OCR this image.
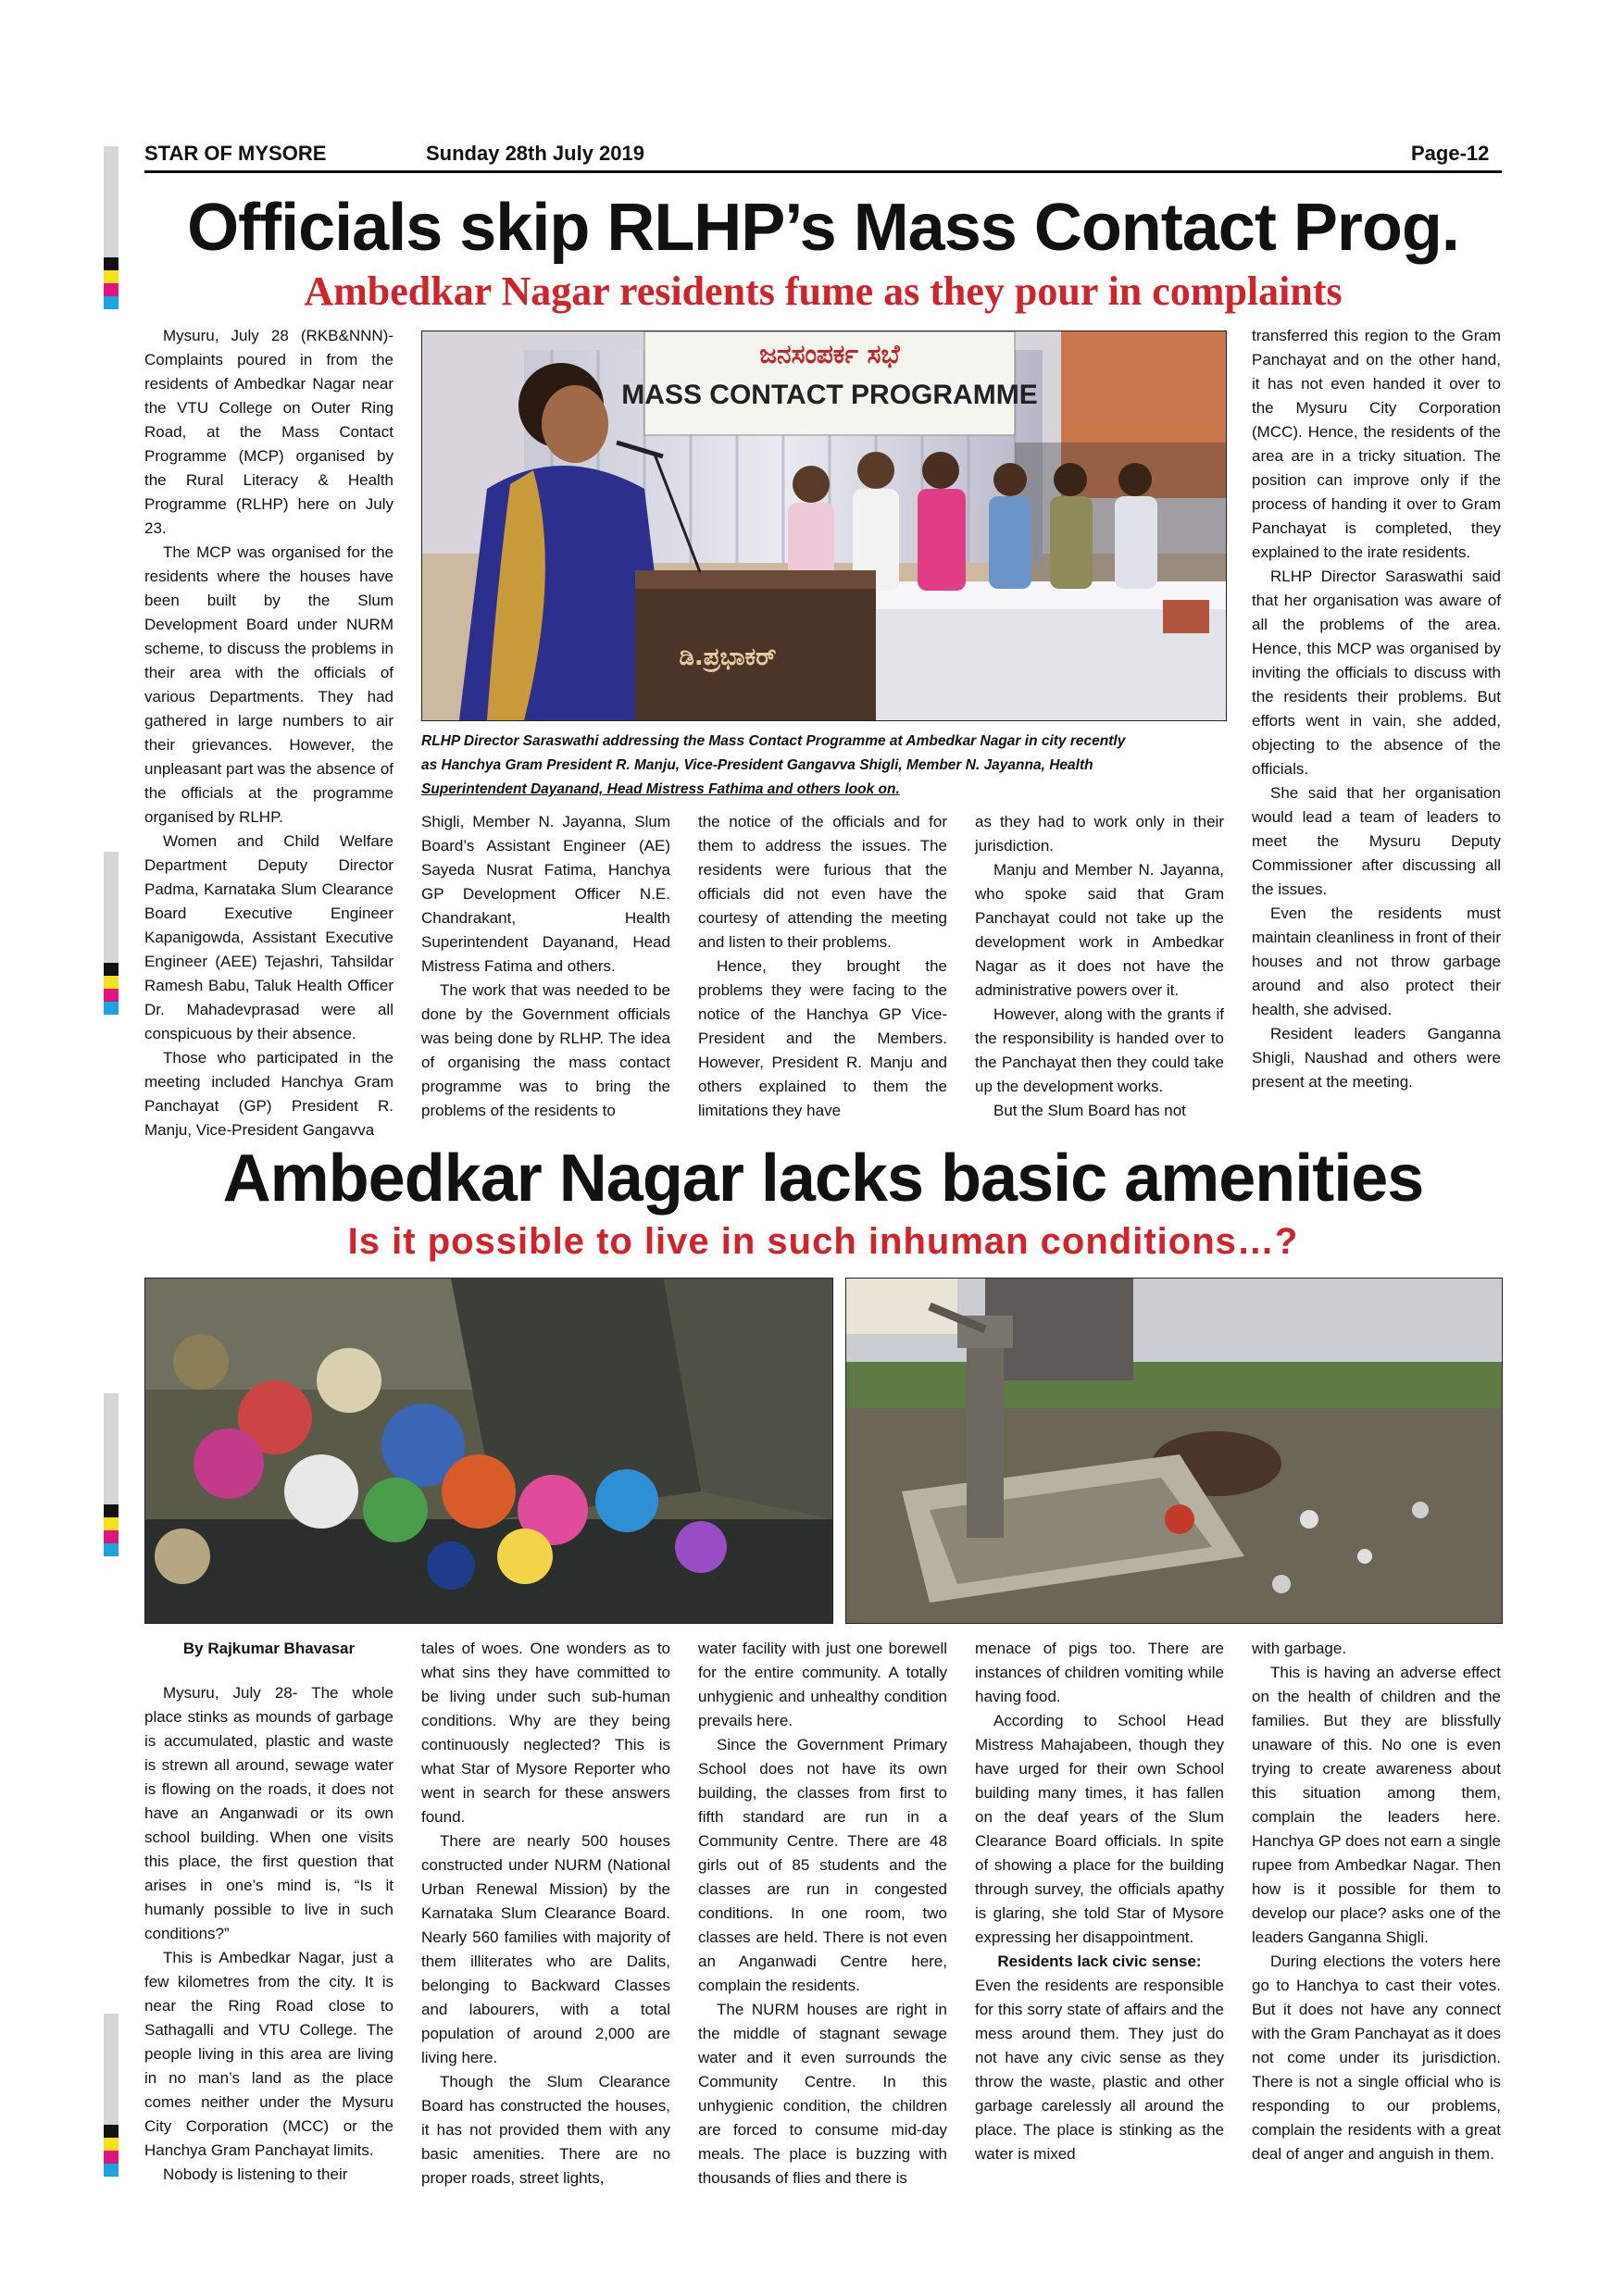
STAR OF MYSORE	Sunday 28th July 2019	Page-12
Officials skip RLHP’s Mass Contact Prog.
Ambedkar Nagar residents fume as they pour in complaints

Mysuru, July 28 (RKB&NNN)- Complaints poured in from the residents of Ambedkar Nagar near the VTU College on Outer Ring Road, at the Mass Contact Programme (MCP) organised by the Rural Literacy & Health Programme (RLHP) here on July 23.

The MCP was organised for the residents where the houses have been built by the Slum Development Board under NURM scheme, to discuss the problems in their area with the officials of various Departments. They had gathered in large numbers to air their grievances. However, the unpleasant part was the absence of the officials at the programme organised by RLHP.

Women and Child Welfare Department Deputy Director Padma, Karnataka Slum Clearance Board Executive Engineer Kapanigowda, Assistant Executive Engineer (AEE) Tejashri, Tahsildar Ramesh Babu, Taluk Health Officer Dr. Mahadevprasad were all conspicuous by their absence.

Those who participated in the meeting included Hanchya Gram Panchayat (GP) President R. Manju, Vice-President Gangavva

ಜನಸಂಪರ್ಕ ಸಭೆ
MASS CONTACT PROGRAMME
ಡಿ.ಪ್ರಭಾಕರ್
RLHP Director Saraswathi addressing the Mass Contact Programme at Ambedkar Nagar in city recently
as Hanchya Gram President R. Manju, Vice-President Gangavva Shigli, Member N. Jayanna, Health
Superintendent Dayanand, Head Mistress Fathima and others look on.

Shigli, Member N. Jayanna, Slum Board’s Assistant Engineer (AE) Sayeda Nusrat Fatima, Hanchya GP Development Officer N.E. Chandrakant, Health Superintendent Dayanand, Head Mistress Fatima and others.

The work that was needed to be done by the Government officials was being done by RLHP. The idea of organising the mass contact programme was to bring the problems of the residents to

the notice of the officials and for them to address the issues. The residents were furious that the officials did not even have the courtesy of attending the meeting and listen to their problems.

Hence, they brought the problems they were facing to the notice of the Hanchya GP Vice-President and the Members. However, President R. Manju and others explained to them the limitations they have

as they had to work only in their jurisdiction.

Manju and Member N. Jayanna, who spoke said that Gram Panchayat could not take up the development work in Ambedkar Nagar as it does not have the administrative powers over it.

However, along with the grants if the responsibility is handed over to the Panchayat then they could take up the development works.

But the Slum Board has not

transferred this region to the Gram Panchayat and on the other hand, it has not even handed it over to the Mysuru City Corporation (MCC). Hence, the residents of the area are in a tricky situation. The position can improve only if the process of handing it over to Gram Panchayat is completed, they explained to the irate residents.

RLHP Director Saraswathi said that her organisation was aware of all the problems of the area. Hence, this MCP was organised by inviting the officials to discuss with the residents their problems. But efforts went in vain, she added, objecting to the absence of the officials.

She said that her organisation would lead a team of leaders to meet the Mysuru Deputy Commissioner after discussing all the issues.

Even the residents must maintain cleanliness in front of their houses and not throw garbage around and also protect their health, she advised.

Resident leaders Ganganna Shigli, Naushad and others were present at the meeting.

Ambedkar Nagar lacks basic amenities
Is it possible to live in such inhuman conditions…?

By Rajkumar Bhavasar

Mysuru, July 28- The whole place stinks as mounds of garbage is accumulated, plastic and waste is strewn all around, sewage water is flowing on the roads, it does not have an Anganwadi or its own school building. When one visits this place, the first question that arises in one’s mind is, “Is it humanly possible to live in such conditions?”

This is Ambedkar Nagar, just a few kilometres from the city. It is near the Ring Road close to Sathagalli and VTU College. The people living in this area are living in no man’s land as the place comes neither under the Mysuru City Corporation (MCC) or the Hanchya Gram Panchayat limits.

Nobody is listening to their

tales of woes. One wonders as to what sins they have committed to be living under such sub-human conditions. Why are they being continuously neglected? This is what Star of Mysore Reporter who went in search for these answers found.

There are nearly 500 houses constructed under NURM (National Urban Renewal Mission) by the Karnataka Slum Clearance Board. Nearly 560 families with majority of them illiterates who are Dalits, belonging to Backward Classes and labourers, with a total population of around 2,000 are living here.

Though the Slum Clearance Board has constructed the houses, it has not provided them with any basic amenities. There are no proper roads, street lights,

water facility with just one borewell for the entire community. A totally unhygienic and unhealthy condition prevails here.

Since the Government Primary School does not have its own building, the classes from first to fifth standard are run in a Community Centre. There are 48 girls out of 85 students and the classes are run in congested conditions. In one room, two classes are held. There is not even an Anganwadi Centre here, complain the residents.

The NURM houses are right in the middle of stagnant sewage water and it even surrounds the Community Centre. In this unhygienic condition, the children are forced to consume mid-day meals. The place is buzzing with thousands of flies and there is

menace of pigs too. There are instances of children vomiting while having food.

According to School Head Mistress Mahajabeen, though they have urged for their own School building many times, it has fallen on the deaf years of the Slum Clearance Board officials. In spite of showing a place for the building through survey, the officials apathy is glaring, she told Star of Mysore expressing her disappointment.

Residents lack civic sense:

Even the residents are responsible for this sorry state of affairs and the mess around them. They just do not have any civic sense as they throw the waste, plastic and other garbage carelessly all around the place. The place is stinking as the water is mixed

with garbage.

This is having an adverse effect on the health of children and the families. But they are blissfully unaware of this. No one is even trying to create awareness about this situation among them, complain the leaders here. Hanchya GP does not earn a single rupee from Ambedkar Nagar. Then how is it possible for them to develop our place? asks one of the leaders Ganganna Shigli.

During elections the voters here go to Hanchya to cast their votes. But it does not have any connect with the Gram Panchayat as it does not come under its jurisdiction. There is not a single official who is responding to our problems, complain the residents with a great deal of anger and anguish in them.
